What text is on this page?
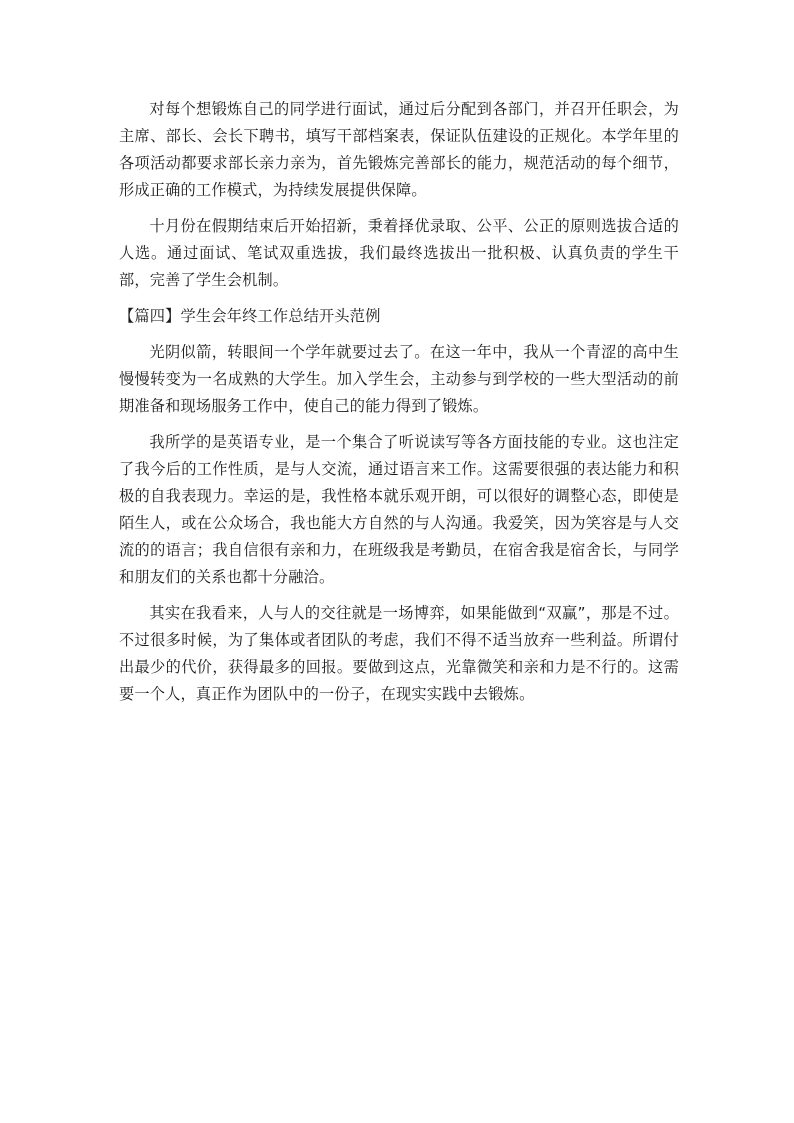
对每个想锻炼自己的同学进行面试，通过后分配到各部门，并召开任职会，为主席、部长、会长下聘书，填写干部档案表，保证队伍建设的正规化。本学年里的各项活动都要求部长亲力亲为，首先锻炼完善部长的能力，规范活动的每个细节，形成正确的工作模式，为持续发展提供保障。

十月份在假期结束后开始招新，秉着择优录取、公平、公正的原则选拔合适的人选。通过面试、笔试双重选拔，我们最终选拔出一批积极、认真负责的学生干部，完善了学生会机制。

【篇四】学生会年终工作总结开头范例

光阴似箭，转眼间一个学年就要过去了。在这一年中，我从一个青涩的高中生慢慢转变为一名成熟的大学生。加入学生会，主动参与到学校的一些大型活动的前期准备和现场服务工作中，使自己的能力得到了锻炼。

我所学的是英语专业，是一个集合了听说读写等各方面技能的专业。这也注定了我今后的工作性质，是与人交流，通过语言来工作。这需要很强的表达能力和积极的自我表现力。幸运的是，我性格本就乐观开朗，可以很好的调整心态，即使是陌生人，或在公众场合，我也能大方自然的与人沟通。我爱笑，因为笑容是与人交流的的语言；我自信很有亲和力，在班级我是考勤员，在宿舍我是宿舍长，与同学和朋友们的关系也都十分融洽。

其实在我看来，人与人的交往就是一场博弈，如果能做到“双赢”，那是不过。不过很多时候，为了集体或者团队的考虑，我们不得不适当放弃一些利益。所谓付出最少的代价，获得最多的回报。要做到这点，光靠微笑和亲和力是不行的。这需要一个人，真正作为团队中的一份子，在现实实践中去锻炼。
